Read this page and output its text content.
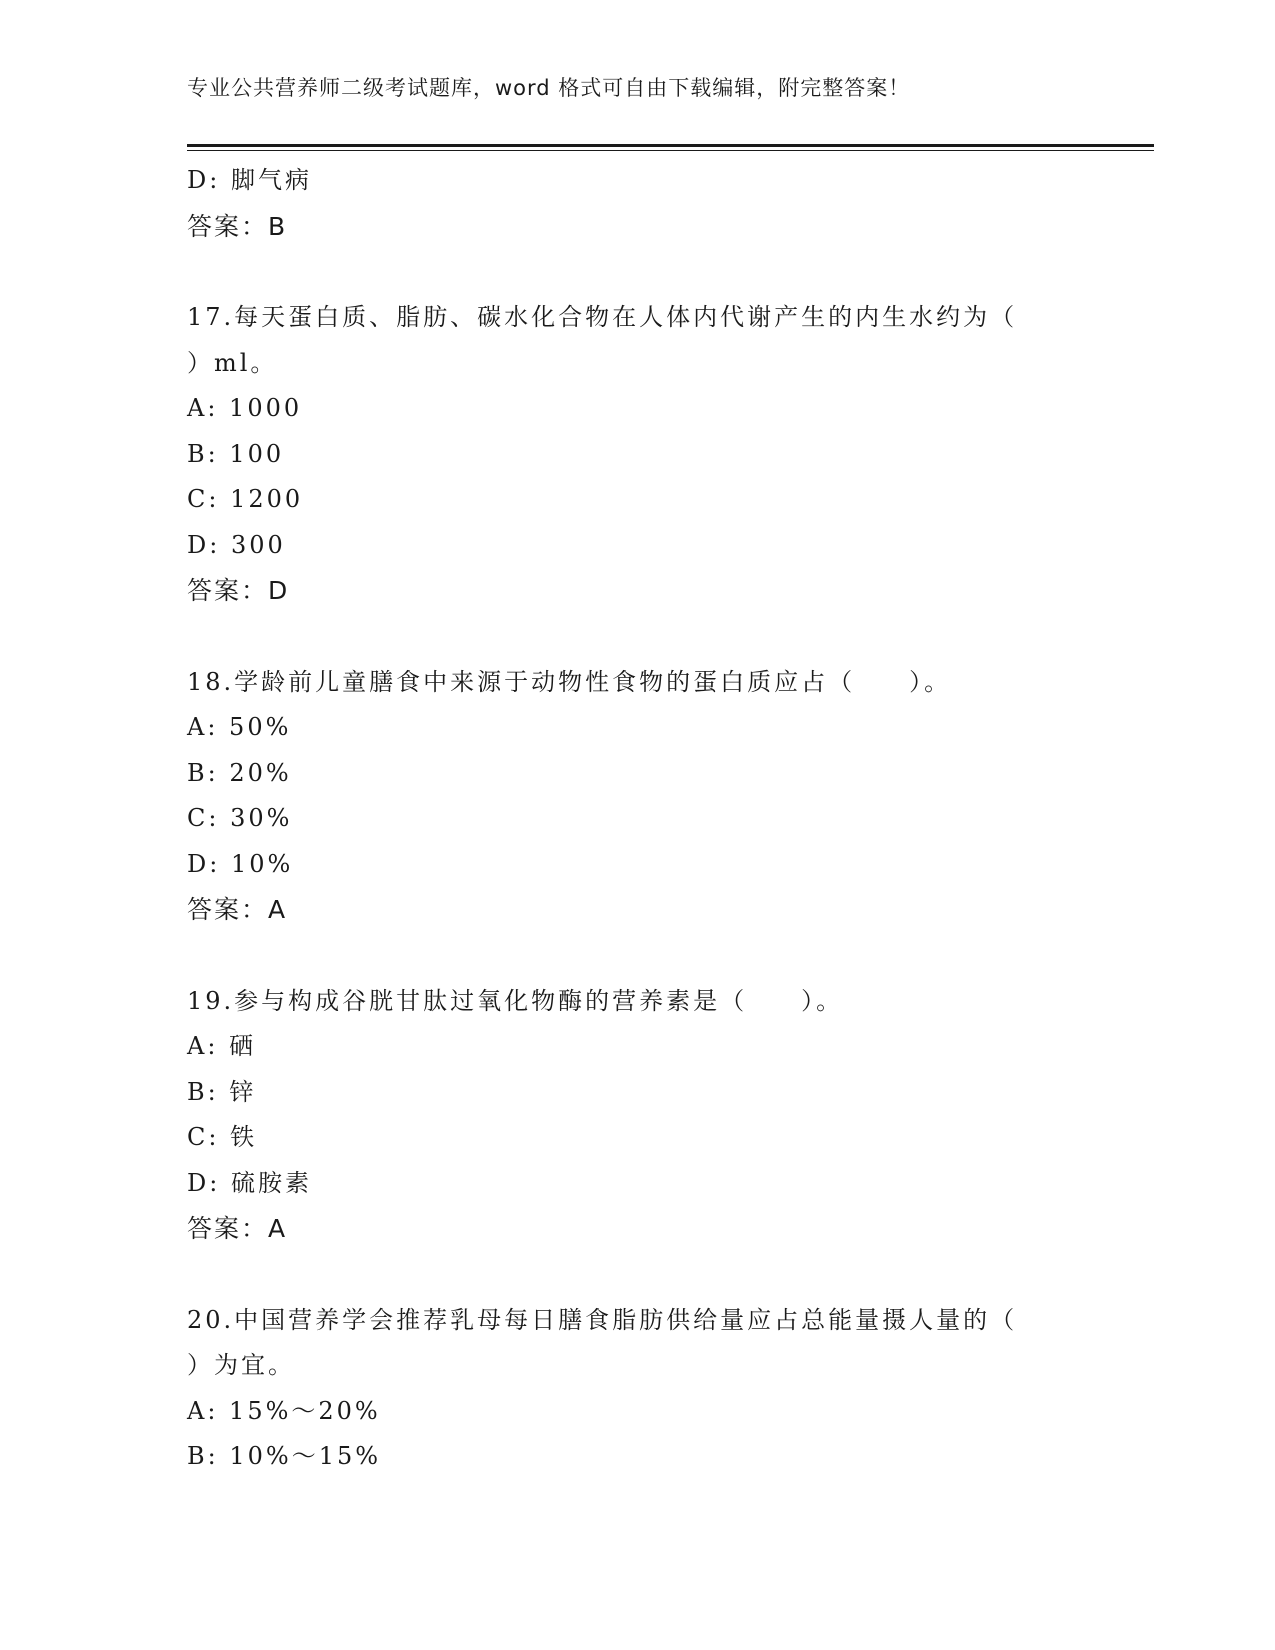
专业公共营养师二级考试题库，word 格式可自由下载编辑，附完整答案！
D: 脚气病
答案：B
17.每天蛋白质、脂肪、碳水化合物在人体内代谢产生的内生水约为（
）ml。
A: 1000
B: 100
C: 1200
D: 300
答案：D
18.学龄前儿童膳食中来源于动物性食物的蛋白质应占（　　）。
A: 50%
B: 20%
C: 30%
D: 10%
答案：A
19.参与构成谷胱甘肽过氧化物酶的营养素是（　　）。
A: 硒
B: 锌
C: 铁
D: 硫胺素
答案：A
20.中国营养学会推荐乳母每日膳食脂肪供给量应占总能量摄人量的（
）为宜。
A: 15%～20%
B: 10%～15%
